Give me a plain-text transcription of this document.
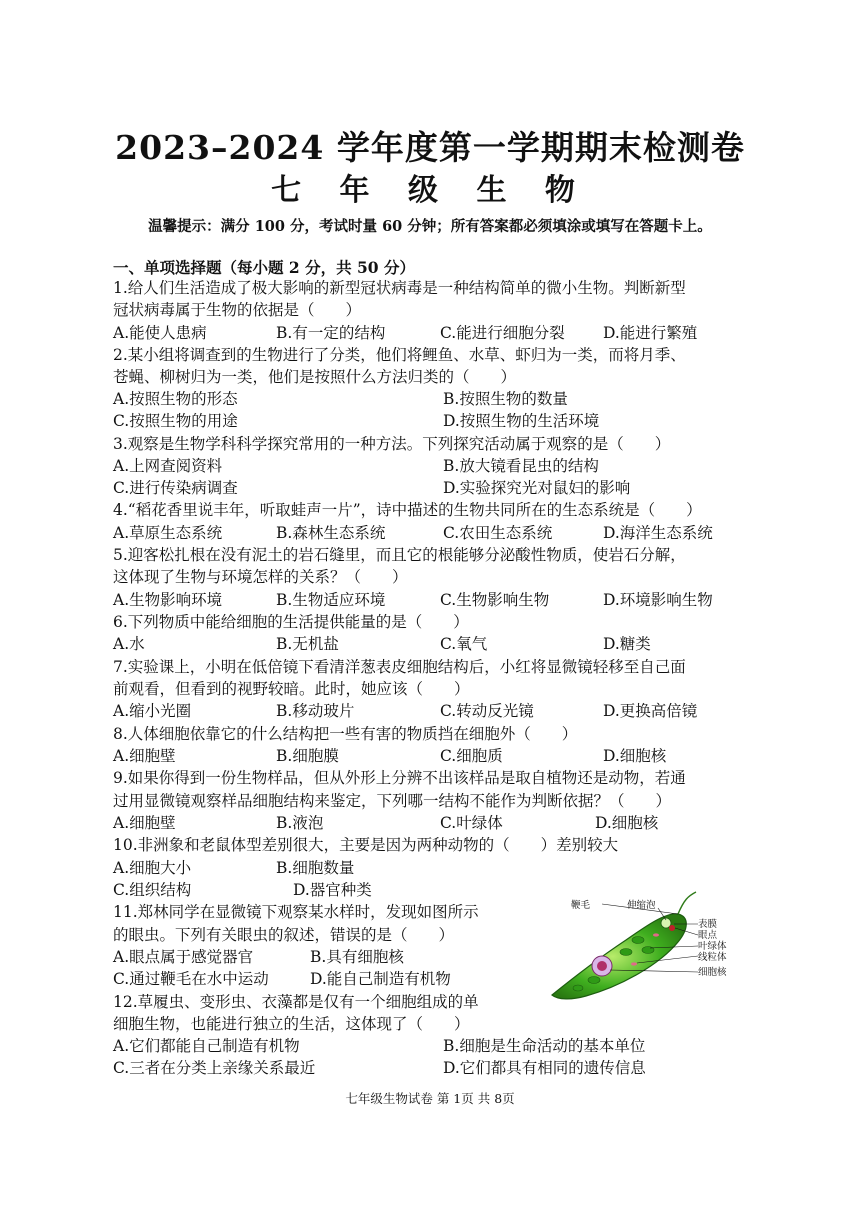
2023–2024 学年度第一学期期末检测卷
七 年 级 生 物
温馨提示：满分 100 分，考试时量 60 分钟；所有答案都必须填涂或填写在答题卡上。
一、单项选择题（每小题 2 分，共 50 分）
1.给人们生活造成了极大影响的新型冠状病毒是一种结构简单的微小生物。判断新型
冠状病毒属于生物的依据是（　　）
A.能使人患病	B.有一定的结构	C.能进行细胞分裂 D.能进行繁殖
2.某小组将调查到的生物进行了分类，他们将鲤鱼、水草、虾归为一类，而将月季、
苍蝇、柳树归为一类，他们是按照什么方法归类的（　　）
A.按照生物的形态	B.按照生物的数量
C.按照生物的用途	D.按照生物的生活环境
3.观察是生物学科科学探究常用的一种方法。下列探究活动属于观察的是（　　）
A.上网查阅资料	B.放大镜看昆虫的结构
C.进行传染病调查	D.实验探究光对鼠妇的影响
4.“稻花香里说丰年，听取蛙声一片”，诗中描述的生物共同所在的生态系统是（　　）
A.草原生态系统	B.森林生态系统	C.农田生态系统	D.海洋生态系统
5.迎客松扎根在没有泥土的岩石缝里，而且它的根能够分泌酸性物质，使岩石分解，
这体现了生物与环境怎样的关系？（　　）
A.生物影响环境	B.生物适应环境	C.生物影响生物	D.环境影响生物
6.下列物质中能给细胞的生活提供能量的是（　　）
A.水	B.无机盐	C.氧气	D.糖类
7.实验课上，小明在低倍镜下看清洋葱表皮细胞结构后，小红将显微镜轻移至自己面
前观看，但看到的视野较暗。此时，她应该（　　）
A.缩小光圈	B.移动玻片	C.转动反光镜	D.更换高倍镜
8.人体细胞依靠它的什么结构把一些有害的物质挡在细胞外（　　）
A.细胞壁	B.细胞膜	C.细胞质	D.细胞核
9.如果你得到一份生物样品，但从外形上分辨不出该样品是取自植物还是动物，若通
过用显微镜观察样品细胞结构来鉴定，下列哪一结构不能作为判断依据？（　　）
A.细胞壁	B.液泡	C.叶绿体	D.细胞核
10.非洲象和老鼠体型差别很大，主要是因为两种动物的（　　）差别较大
A.细胞大小	B.细胞数量
C.组织结构	D.器官种类
11.郑林同学在显微镜下观察某水样时，发现如图所示
的眼虫。下列有关眼虫的叙述，错误的是（　　）
A.眼点属于感觉器官	B.具有细胞核
C.通过鞭毛在水中运动	D.能自己制造有机物
12.草履虫、变形虫、衣藻都是仅有一个细胞组成的单
细胞生物，也能进行独立的生活，这体现了（　　）
A.它们都能自己制造有机物	B.细胞是生命活动的基本单位
C.三者在分类上亲缘关系最近	D.它们都具有相同的遗传信息
鞭毛	伸缩泡
表膜
眼点
叶绿体
线粒体
细胞核
七年级生物试卷 第 1页 共 8页
